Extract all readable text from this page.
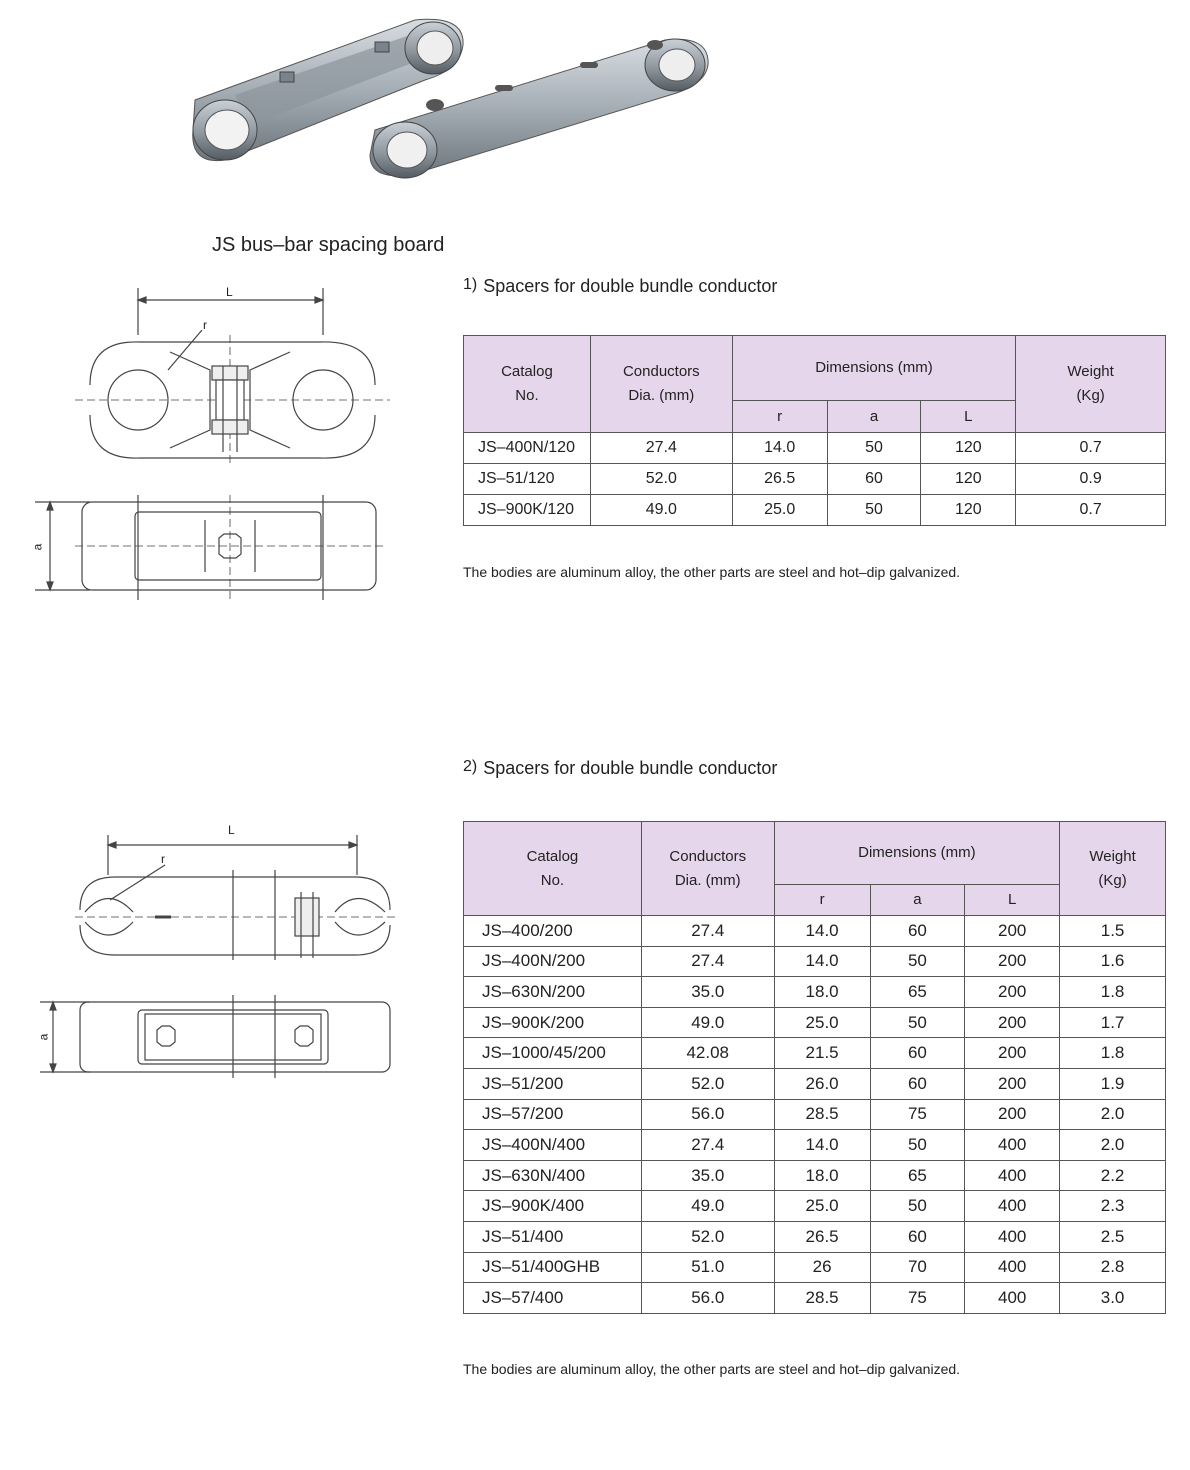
JS bus–bar spacing board
1) Spacers for double bundle conductor
L
r
a
Catalog
No.	Conductors
Dia. (mm)	Dimensions (mm)			Weight
(Kg)
		r	a	L	
JS–400N/120	27.4	14.0	50	120	0.7
JS–51/120	52.0	26.5	60	120	0.9
JS–900K/120	49.0	25.0	50	120	0.7
The bodies are aluminum alloy, the other parts are steel and hot–dip galvanized.
2) Spacers for double bundle conductor
L
r
a
Catalog
No.	Conductors
Dia. (mm)	Dimensions (mm)			Weight
(Kg)
		r	a	L	
JS–400/200	27.4	14.0	60	200	1.5
JS–400N/200	27.4	14.0	50	200	1.6
JS–630N/200	35.0	18.0	65	200	1.8
JS–900K/200	49.0	25.0	50	200	1.7
JS–1000/45/200	42.08	21.5	60	200	1.8
JS–51/200	52.0	26.0	60	200	1.9
JS–57/200	56.0	28.5	75	200	2.0
JS–400N/400	27.4	14.0	50	400	2.0
JS–630N/400	35.0	18.0	65	400	2.2
JS–900K/400	49.0	25.0	50	400	2.3
JS–51/400	52.0	26.5	60	400	2.5
JS–51/400GHB	51.0	26	70	400	2.8
JS–57/400	56.0	28.5	75	400	3.0
The bodies are aluminum alloy, the other parts are steel and hot–dip galvanized.
